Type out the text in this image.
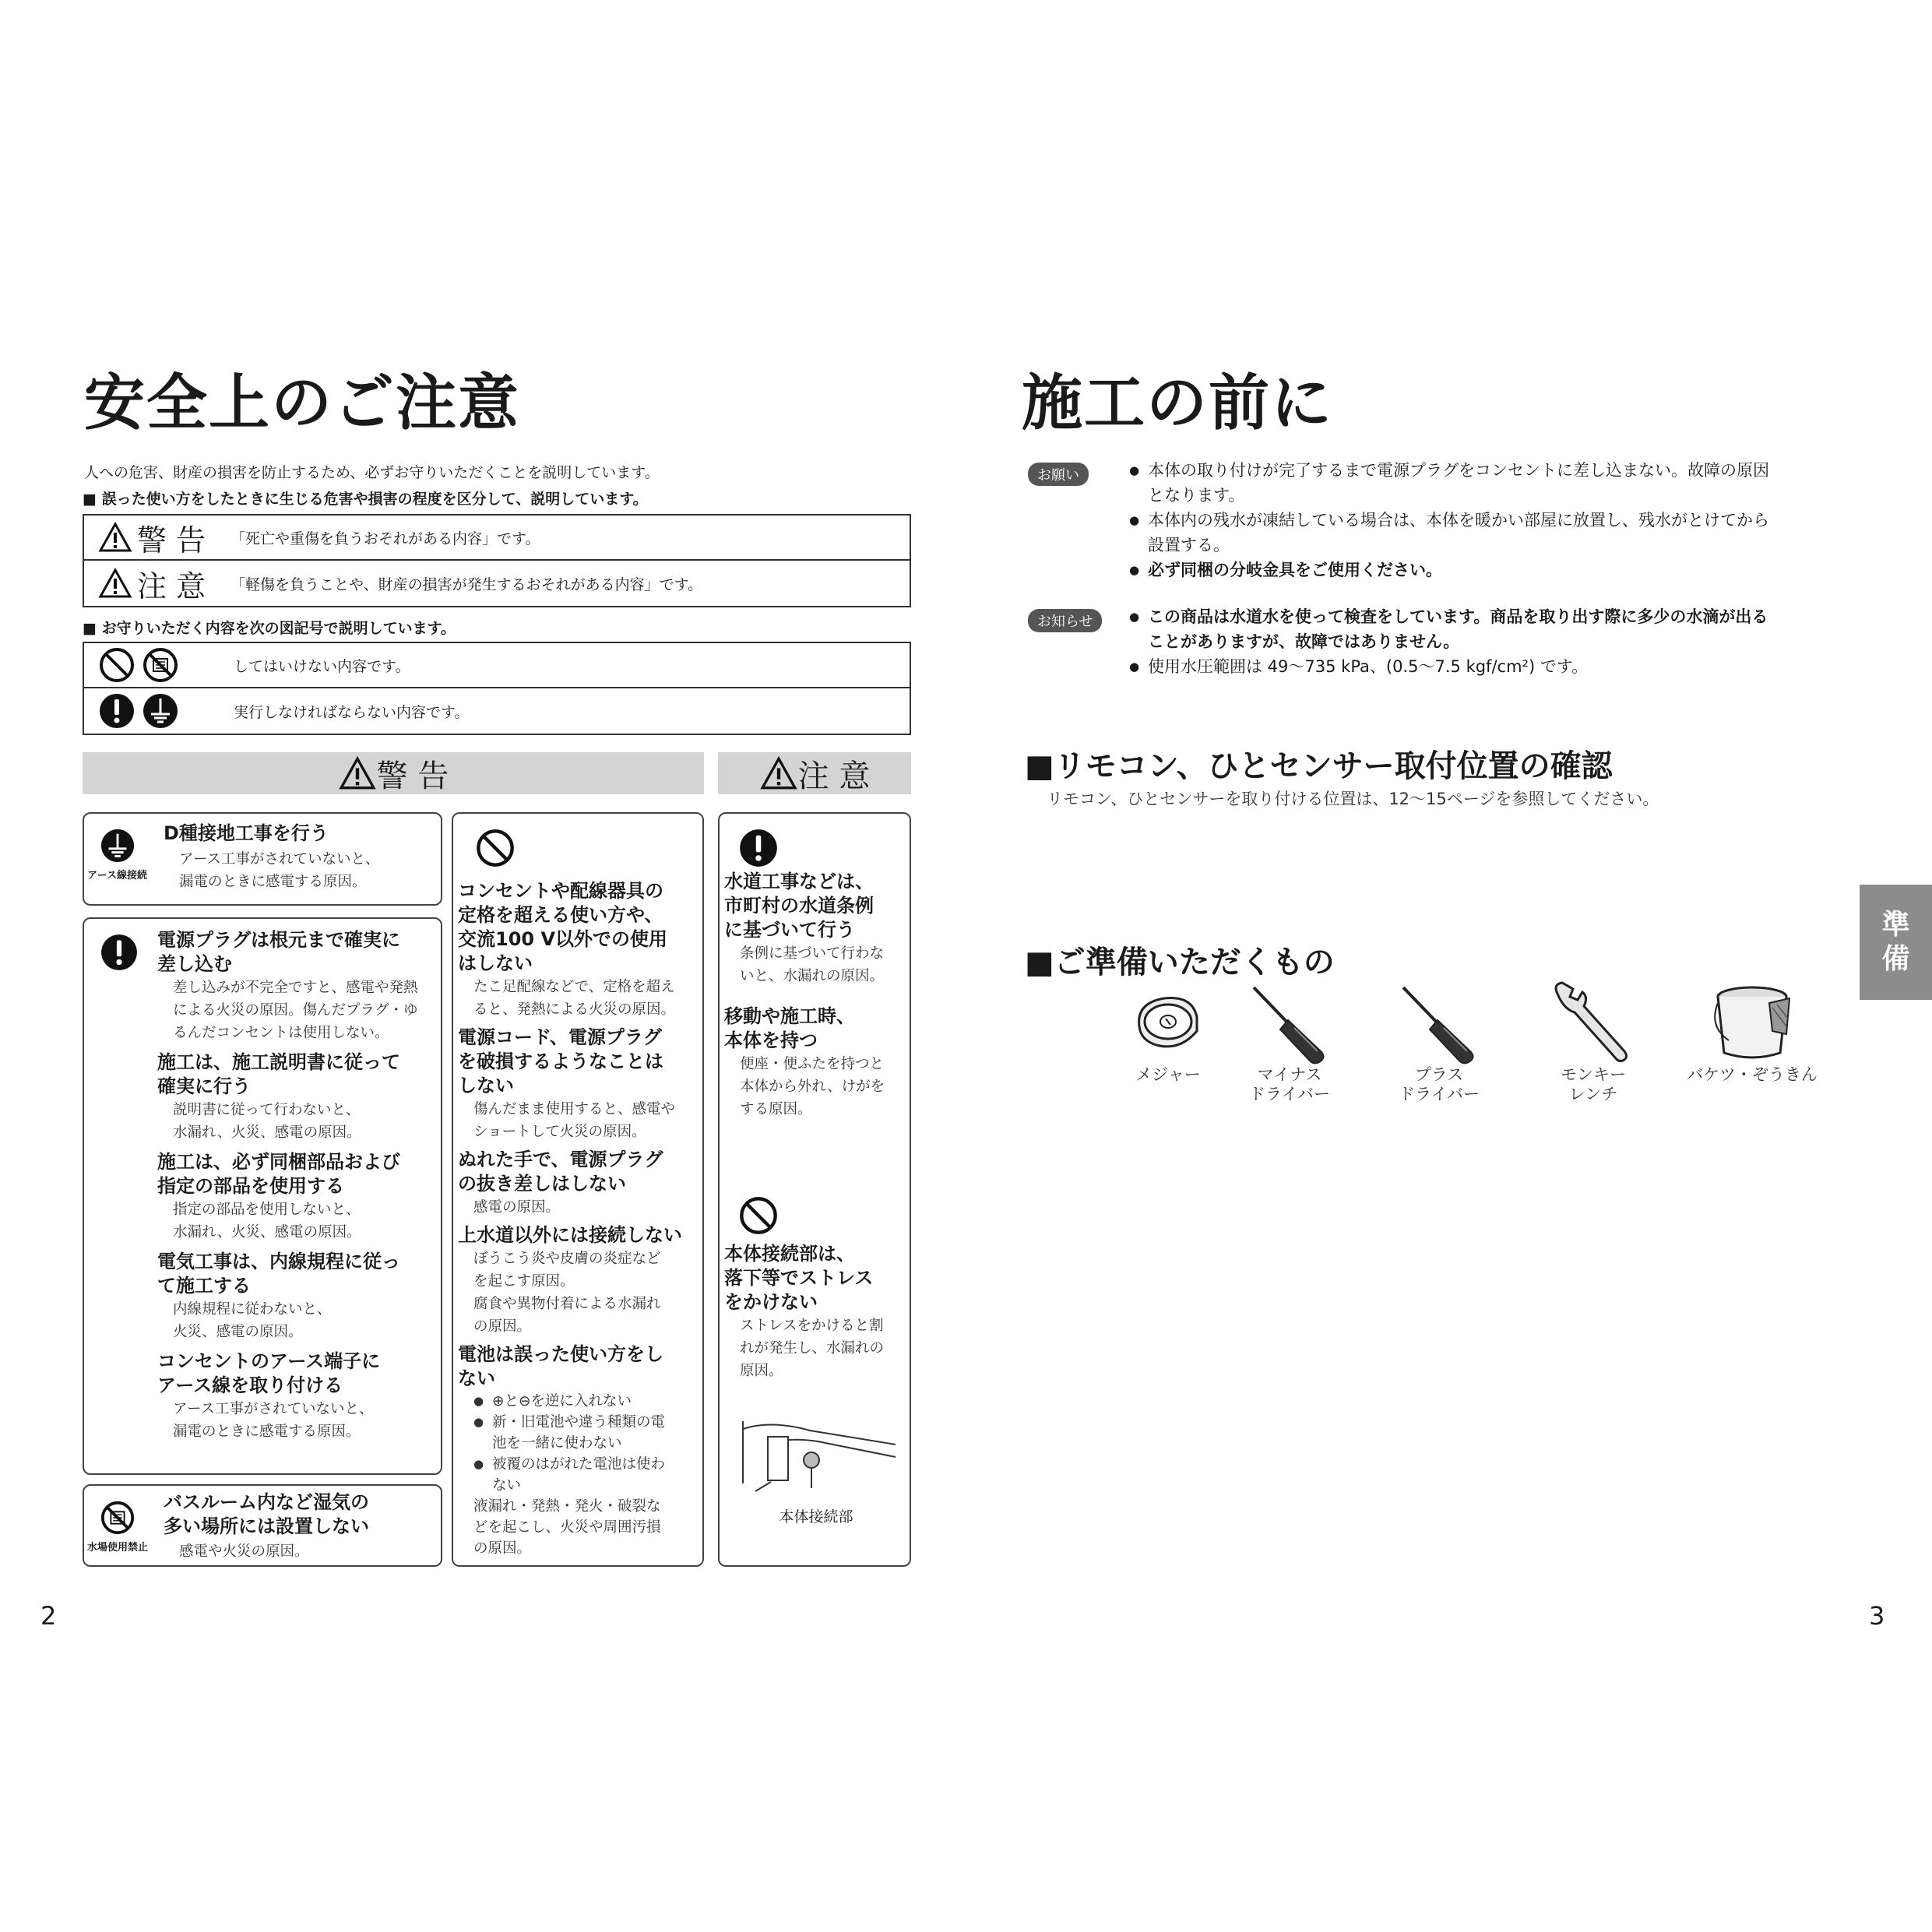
安全上のご注意
人への危害、財産の損害を防止するため、必ずお守りいただくことを説明しています。
■ 誤った使い方をしたときに生じる危害や損害の程度を区分して、説明しています。
警 告	「死亡や重傷を負うおそれがある内容」です。
注 意	「軽傷を負うことや、財産の損害が発生するおそれがある内容」です。
■ お守りいただく内容を次の図記号で説明しています。
してはいけない内容です。
実行しなければならない内容です。
警 告	注 意
アース線接続
D種接地工事を行う
アース工事がされていないと、
漏電のときに感電する原因。
電源プラグは根元まで確実に
差し込む
差し込みが不完全ですと、感電や発熱
による火災の原因。傷んだプラグ・ゆ
るんだコンセントは使用しない。
施工は、施工説明書に従って
確実に行う
説明書に従って行わないと、
水漏れ、火災、感電の原因。
施工は、必ず同梱部品および
指定の部品を使用する
指定の部品を使用しないと、
水漏れ、火災、感電の原因。
電気工事は、内線規程に従っ
て施工する
内線規程に従わないと、
火災、感電の原因。
コンセントのアース端子に
アース線を取り付ける
アース工事がされていないと、
漏電のときに感電する原因。
水場使用禁止
バスルーム内など湿気の
多い場所には設置しない
感電や火災の原因。
コンセントや配線器具の
定格を超える使い方や、
交流100 V以外での使用
はしない
たこ足配線などで、定格を超え
ると、発熱による火災の原因。
電源コード、電源プラグ
を破損するようなことは
しない
傷んだまま使用すると、感電や
ショートして火災の原因。
ぬれた手で、電源プラグ
の抜き差しはしない
感電の原因。
上水道以外には接続しない
ぼうこう炎や皮膚の炎症など
を起こす原因。
腐食や異物付着による水漏れ
の原因。
電池は誤った使い方をし
ない
● ⊕と⊖を逆に入れない
● 新・旧電池や違う種類の電
池を一緒に使わない
● 被覆のはがれた電池は使わ
ない
液漏れ・発熱・発火・破裂な
どを起こし、火災や周囲汚損
の原因。
水道工事などは、
市町村の水道条例
に基づいて行う
条例に基づいて行わな
いと、水漏れの原因。
移動や施工時、
本体を持つ
便座・便ふたを持つと
本体から外れ、けがを
する原因。
本体接続部は、
落下等でストレス
をかけない
ストレスをかけると割
れが発生し、水漏れの
原因。
本体接続部
2
施工の前に
お願い	● 本体の取り付けが完了するまで電源プラグをコンセントに差し込まない。故障の原因
となります。
● 本体内の残水が凍結している場合は、本体を暖かい部屋に放置し、残水がとけてから
設置する。
● 必ず同梱の分岐金具をご使用ください。
お知らせ	● この商品は水道水を使って検査をしています。商品を取り出す際に多少の水滴が出る
ことがありますが、故障ではありません。
● 使用水圧範囲は 49〜735 kPa、(0.5〜7.5 kgf/cm²) です。
■リモコン、ひとセンサー取付位置の確認
リモコン、ひとセンサーを取り付ける位置は、12〜15ページを参照してください。
■ご準備いただくもの
メジャー	マイナス
ドライバー
プラス
ドライバー
モンキー
レンチ
バケツ・ぞうきん
準
備
3
